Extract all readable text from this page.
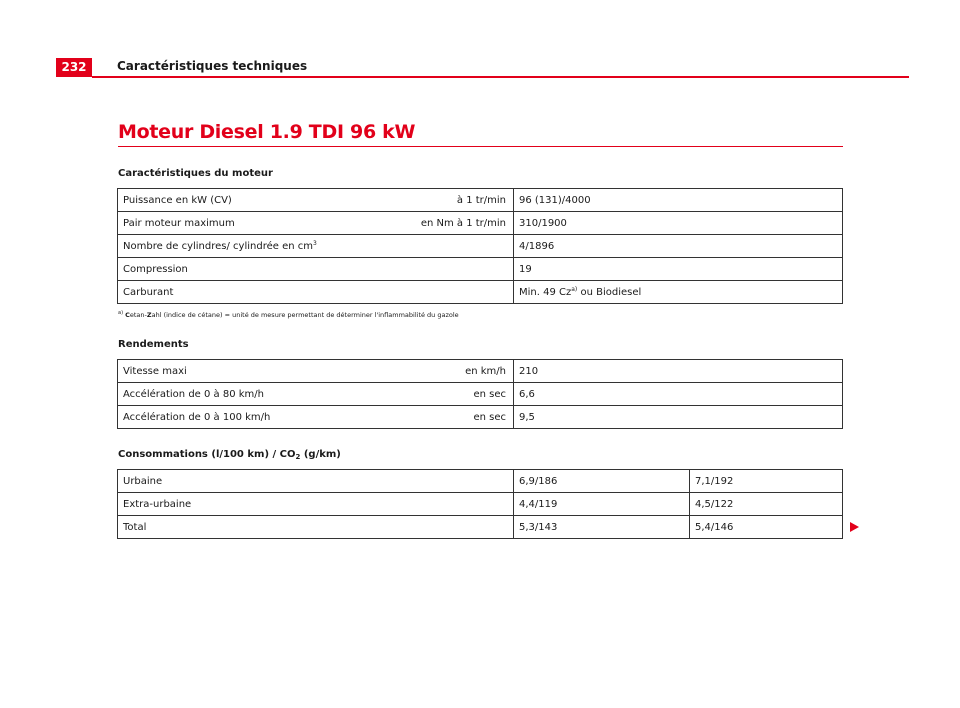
232	Caractéristiques techniques
Moteur Diesel 1.9 TDI 96 kW
Caractéristiques du moteur
Puissance en kW (CV) à 1 tr/min	96 (131)/4000

Pair moteur maximum en Nm à 1 tr/min	310/1900

Nombre de cylindres/ cylindrée en $cm^3$	4/1896

Compression	19

Carburant	Min. 49 Cz$^{a)}$ ou Biodiesel
$^{a)}$ Cetan-Zahl (indice de cétane) = unité de mesure permettant de déterminer l'inflammabilité du gazole
Rendements
Vitesse maxi en km/h	210

Accélération de 0 à 80 km/h en sec	6,6

Accélération de 0 à 100 km/h en sec	9,5
Consommations (l/100 $km) / CO_2$ (g/km)
Urbaine	6,9/186	7,1/192
Extra-urbaine	4,4/119	4,5/122
Total	5,3/143	5,4/146
